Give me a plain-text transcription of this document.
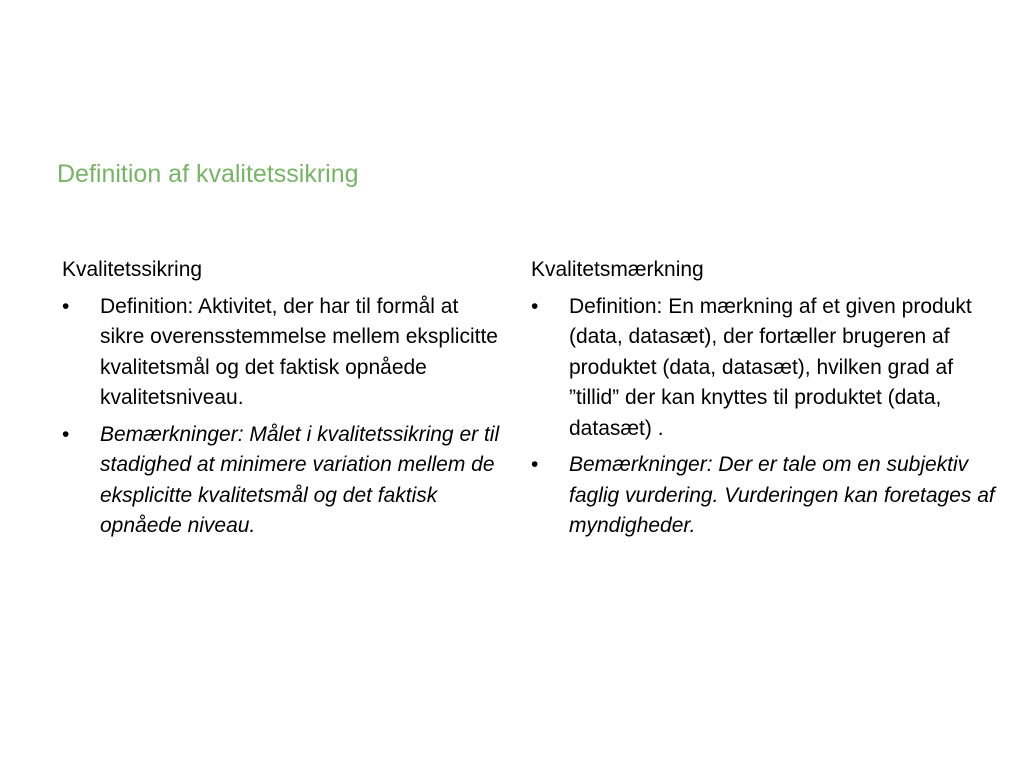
Definition af kvalitetssikring

Kvalitetssikring

• Definition: Aktivitet, der har til formål at sikre overensstemmelse mellem eksplicitte kvalitetsmål og det faktisk opnåede kvalitetsniveau.
• Bemærkninger: Målet i kvalitetssikring er til stadighed at minimere variation mellem de eksplicitte kvalitetsmål og det faktisk opnåede niveau.

Kvalitetsmærkning

• Definition: En mærkning af et given produkt (data, datasæt), der fortæller brugeren af produktet (data, datasæt), hvilken grad af ”tillid” der kan knyttes til produktet (data, datasæt) .
• Bemærkninger: Der er tale om en subjektiv faglig vurdering. Vurderingen kan foretages af myndigheder.
